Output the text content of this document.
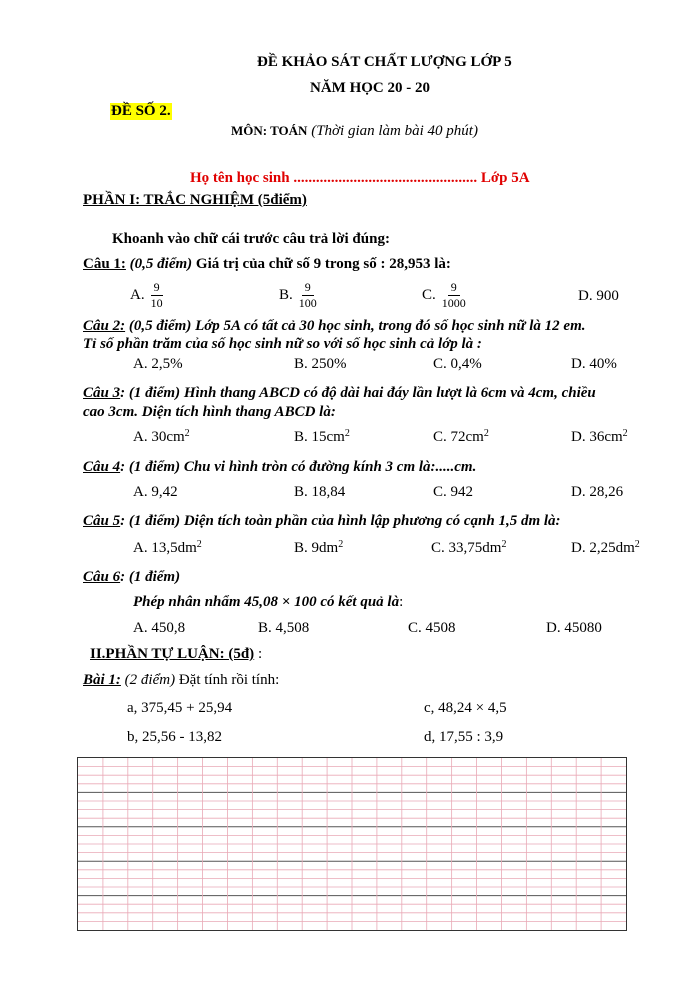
ĐỀ KHẢO SÁT CHẤT LƯỢNG LỚP 5
NĂM HỌC 20 - 20
ĐỀ SỐ 2.
MÔN: TOÁN (Thời gian làm bài 40 phút)
Họ tên học sinh ................................................. Lớp 5A
PHẦN I: TRẮC NGHIỆM (5điểm)
Khoanh vào chữ cái trước câu trả lời đúng:
Câu 1: (0,5 điểm) Giá trị của chữ số 9 trong số : 28,953 là:
A. $\frac{9}{10}$	B. $\frac{9}{100}$	C. $\frac{9}{1000}$	D. 900
Câu 2: (0,5 điểm) Lớp 5A có tất cả 30 học sinh, trong đó số học sinh nữ là 12 em.
Tỉ số phần trăm của số học sinh nữ so với số học sinh cả lớp là :
A. 2,5%	B. 250%	C. 0,4%	D. 40%
Câu 3: (1 điểm) Hình thang ABCD có độ dài hai đáy lần lượt là 6cm và 4cm, chiều
cao 3cm. Diện tích hình thang ABCD là:
A. $30cm^2$	B. $15cm^2$	C. $72cm^2$	D. $36cm^2$
Câu 4: (1 điểm) Chu vi hình tròn có đường kính 3 cm là:.....cm.
A. 9,42	B. 18,84	C. 942	D. 28,26
Câu 5: (1 điểm) Diện tích toàn phần của hình lập phương có cạnh 1,5 dm là:
A. $13,5dm^2$	B. $9dm^2$	C. $33,75dm^2$	D. $2,25dm^2$
Câu 6: (1 điểm)
Phép nhân nhẩm 45,08 × 100 có kết quả là:
A. 450,8	B. 4,508	C. 4508	D. 45080
II.PHẦN TỰ LUẬN: (5đ) :
Bài 1: (2 điểm) Đặt tính rồi tính:
a, 375,45 + 25,94	c, 48,24 × 4,5
b, 25,56 - 13,82	d, 17,55 : 3,9
